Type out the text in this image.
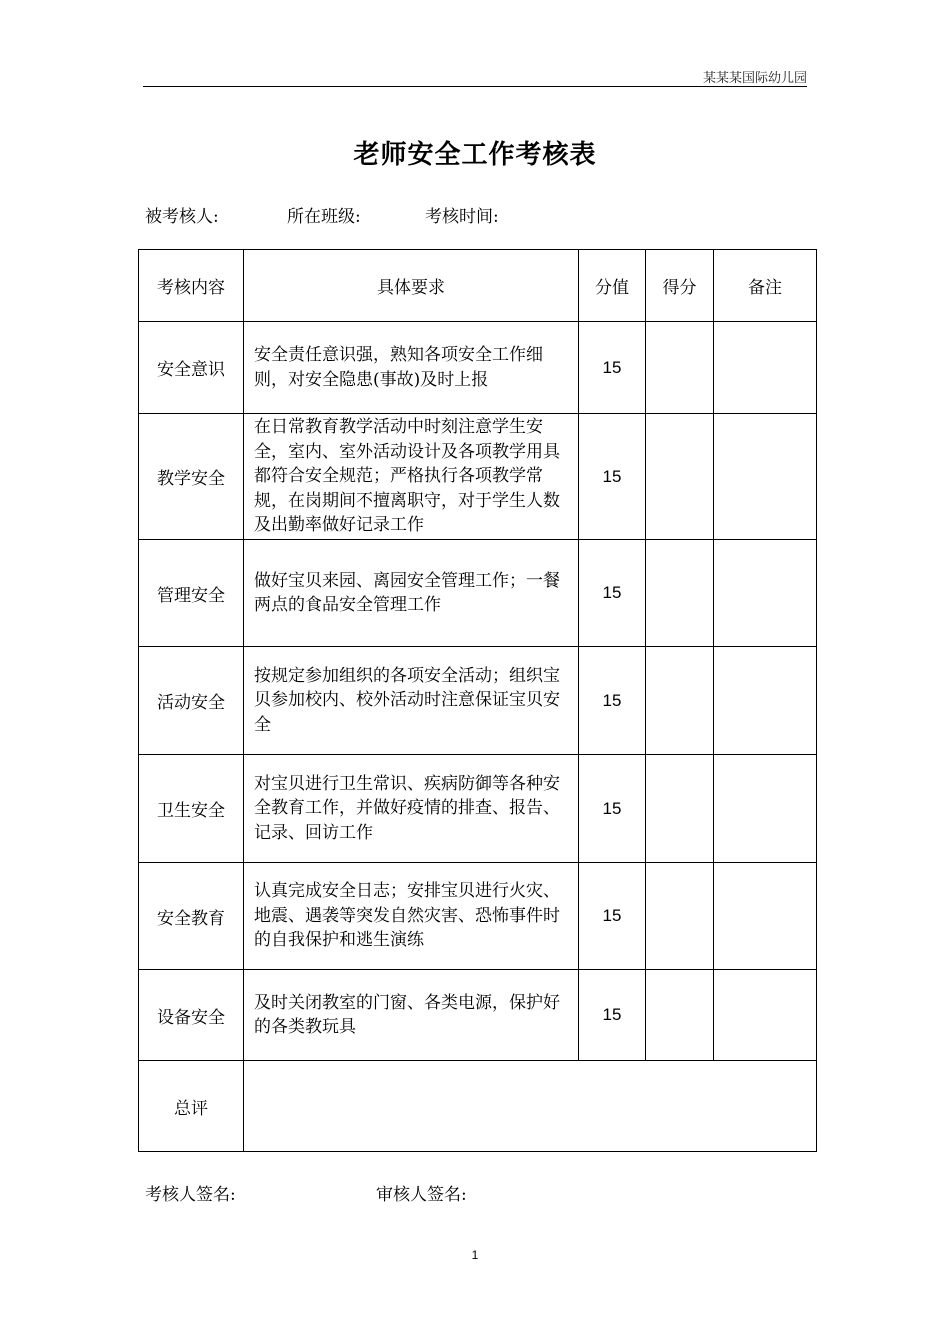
某某某国际幼儿园
老师安全工作考核表
被考核人:	所在班级:	考核时间:
考核内容	具体要求	分值	得分	备注
安全意识	安全责任意识强，熟知各项安全工作细则，对安全隐患(事故)及时上报	15		
教学安全	在日常教育教学活动中时刻注意学生安全，室内、室外活动设计及各项教学用具都符合安全规范；严格执行各项教学常规，在岗期间不擅离职守，对于学生人数及出勤率做好记录工作	15		
管理安全	做好宝贝来园、离园安全管理工作；一餐两点的食品安全管理工作	15		
活动安全	按规定参加组织的各项安全活动；组织宝贝参加校内、校外活动时注意保证宝贝安全	15		
卫生安全	对宝贝进行卫生常识、疾病防御等各种安全教育工作，并做好疫情的排查、报告、记录、回访工作	15		
安全教育	认真完成安全日志；安排宝贝进行火灾、地震、遇袭等突发自然灾害、恐怖事件时的自我保护和逃生演练	15		
设备安全	及时关闭教室的门窗、各类电源，保护好的各类教玩具	15		
总评				
考核人签名:	审核人签名:
1
